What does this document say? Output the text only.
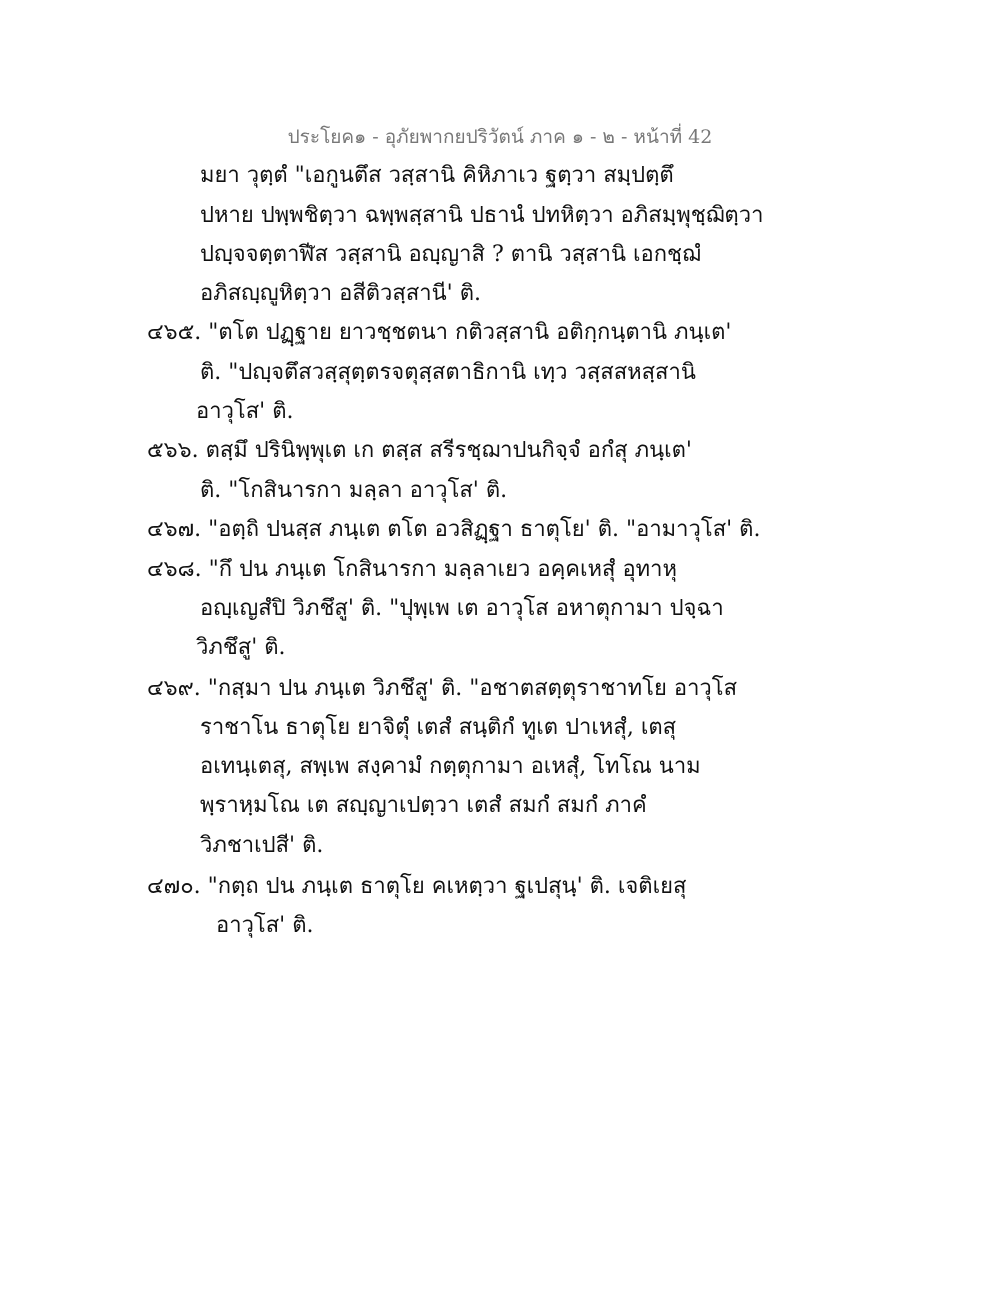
ประโยค๑ - อุภัยพากยปริวัตน์ ภาค ๑ - ๒ - หน้าที่ 42
มยา วุตฺตํ "เอกูนตึส วสฺสานิ คิหิภาเว ฐตฺวา สมฺปตฺตึ
ปหาย ปพฺพชิตฺวา ฉพฺพสฺสานิ ปธานํ ปทหิตฺวา อภิสมฺพุชฺฌิตฺวา
ปญฺจจตฺตาฬีส วสฺสานิ อญฺญาสิ ? ตานิ วสฺสานิ เอกชฺฌํ
อภิสญฺญูหิตฺวา อสีติวสฺสานี' ติ.
๔๖๕. "ตโต ปฏฺฐาย ยาวชฺชตนา กติวสฺสานิ อติกฺกนฺตานิ ภนฺเต'
ติ. "ปญฺจตึสวสฺสุตฺตรจตุสฺสตาธิกานิ เทฺว วสฺสสหสฺสานิ
อาวุโส' ติ.
๕๖๖. ตสฺมึ ปรินิพฺพุเต เก ตสฺส สรีรชฺฌาปนกิจฺจํ อกํสุ ภนฺเต'
ติ. "โกสินารกา มลฺลา อาวุโส' ติ.
๔๖๗. "อตฺถิ ปนสฺส ภนฺเต ตโต อวสิฏฺฐา ธาตุโย' ติ. "อามาวุโส' ติ.
๔๖๘. "กึ ปน ภนฺเต โกสินารกา มลฺลาเยว อคฺคเหสุํ อุทาหุ
อญฺเญสํปิ วิภชึสู' ติ. "ปุพฺเพ เต อาวุโส อหาตุกามา ปจฺฉา
วิภชึสู' ติ.
๔๖๙. "กสฺมา ปน ภนฺเต วิภชึสู' ติ. "อชาตสตฺตุราชาทโย อาวุโส
ราชาโน ธาตุโย ยาจิตุํ เตสํ สนฺติกํ ทูเต ปาเหสุํ, เตสุ
อเทนฺเตสุ, สพฺเพ สงฺคามํ กตฺตุกามา อเหสุํ, โทโณ นาม
พฺราหฺมโณ เต สญฺญาเปตฺวา เตสํ สมกํ สมกํ ภาคํ
วิภชาเปสี' ติ.
๔๗๐. "กตฺถ ปน ภนฺเต ธาตุโย คเหตฺวา ฐเปสุนฺ' ติ. เจติเยสุ
อาวุโส' ติ.
